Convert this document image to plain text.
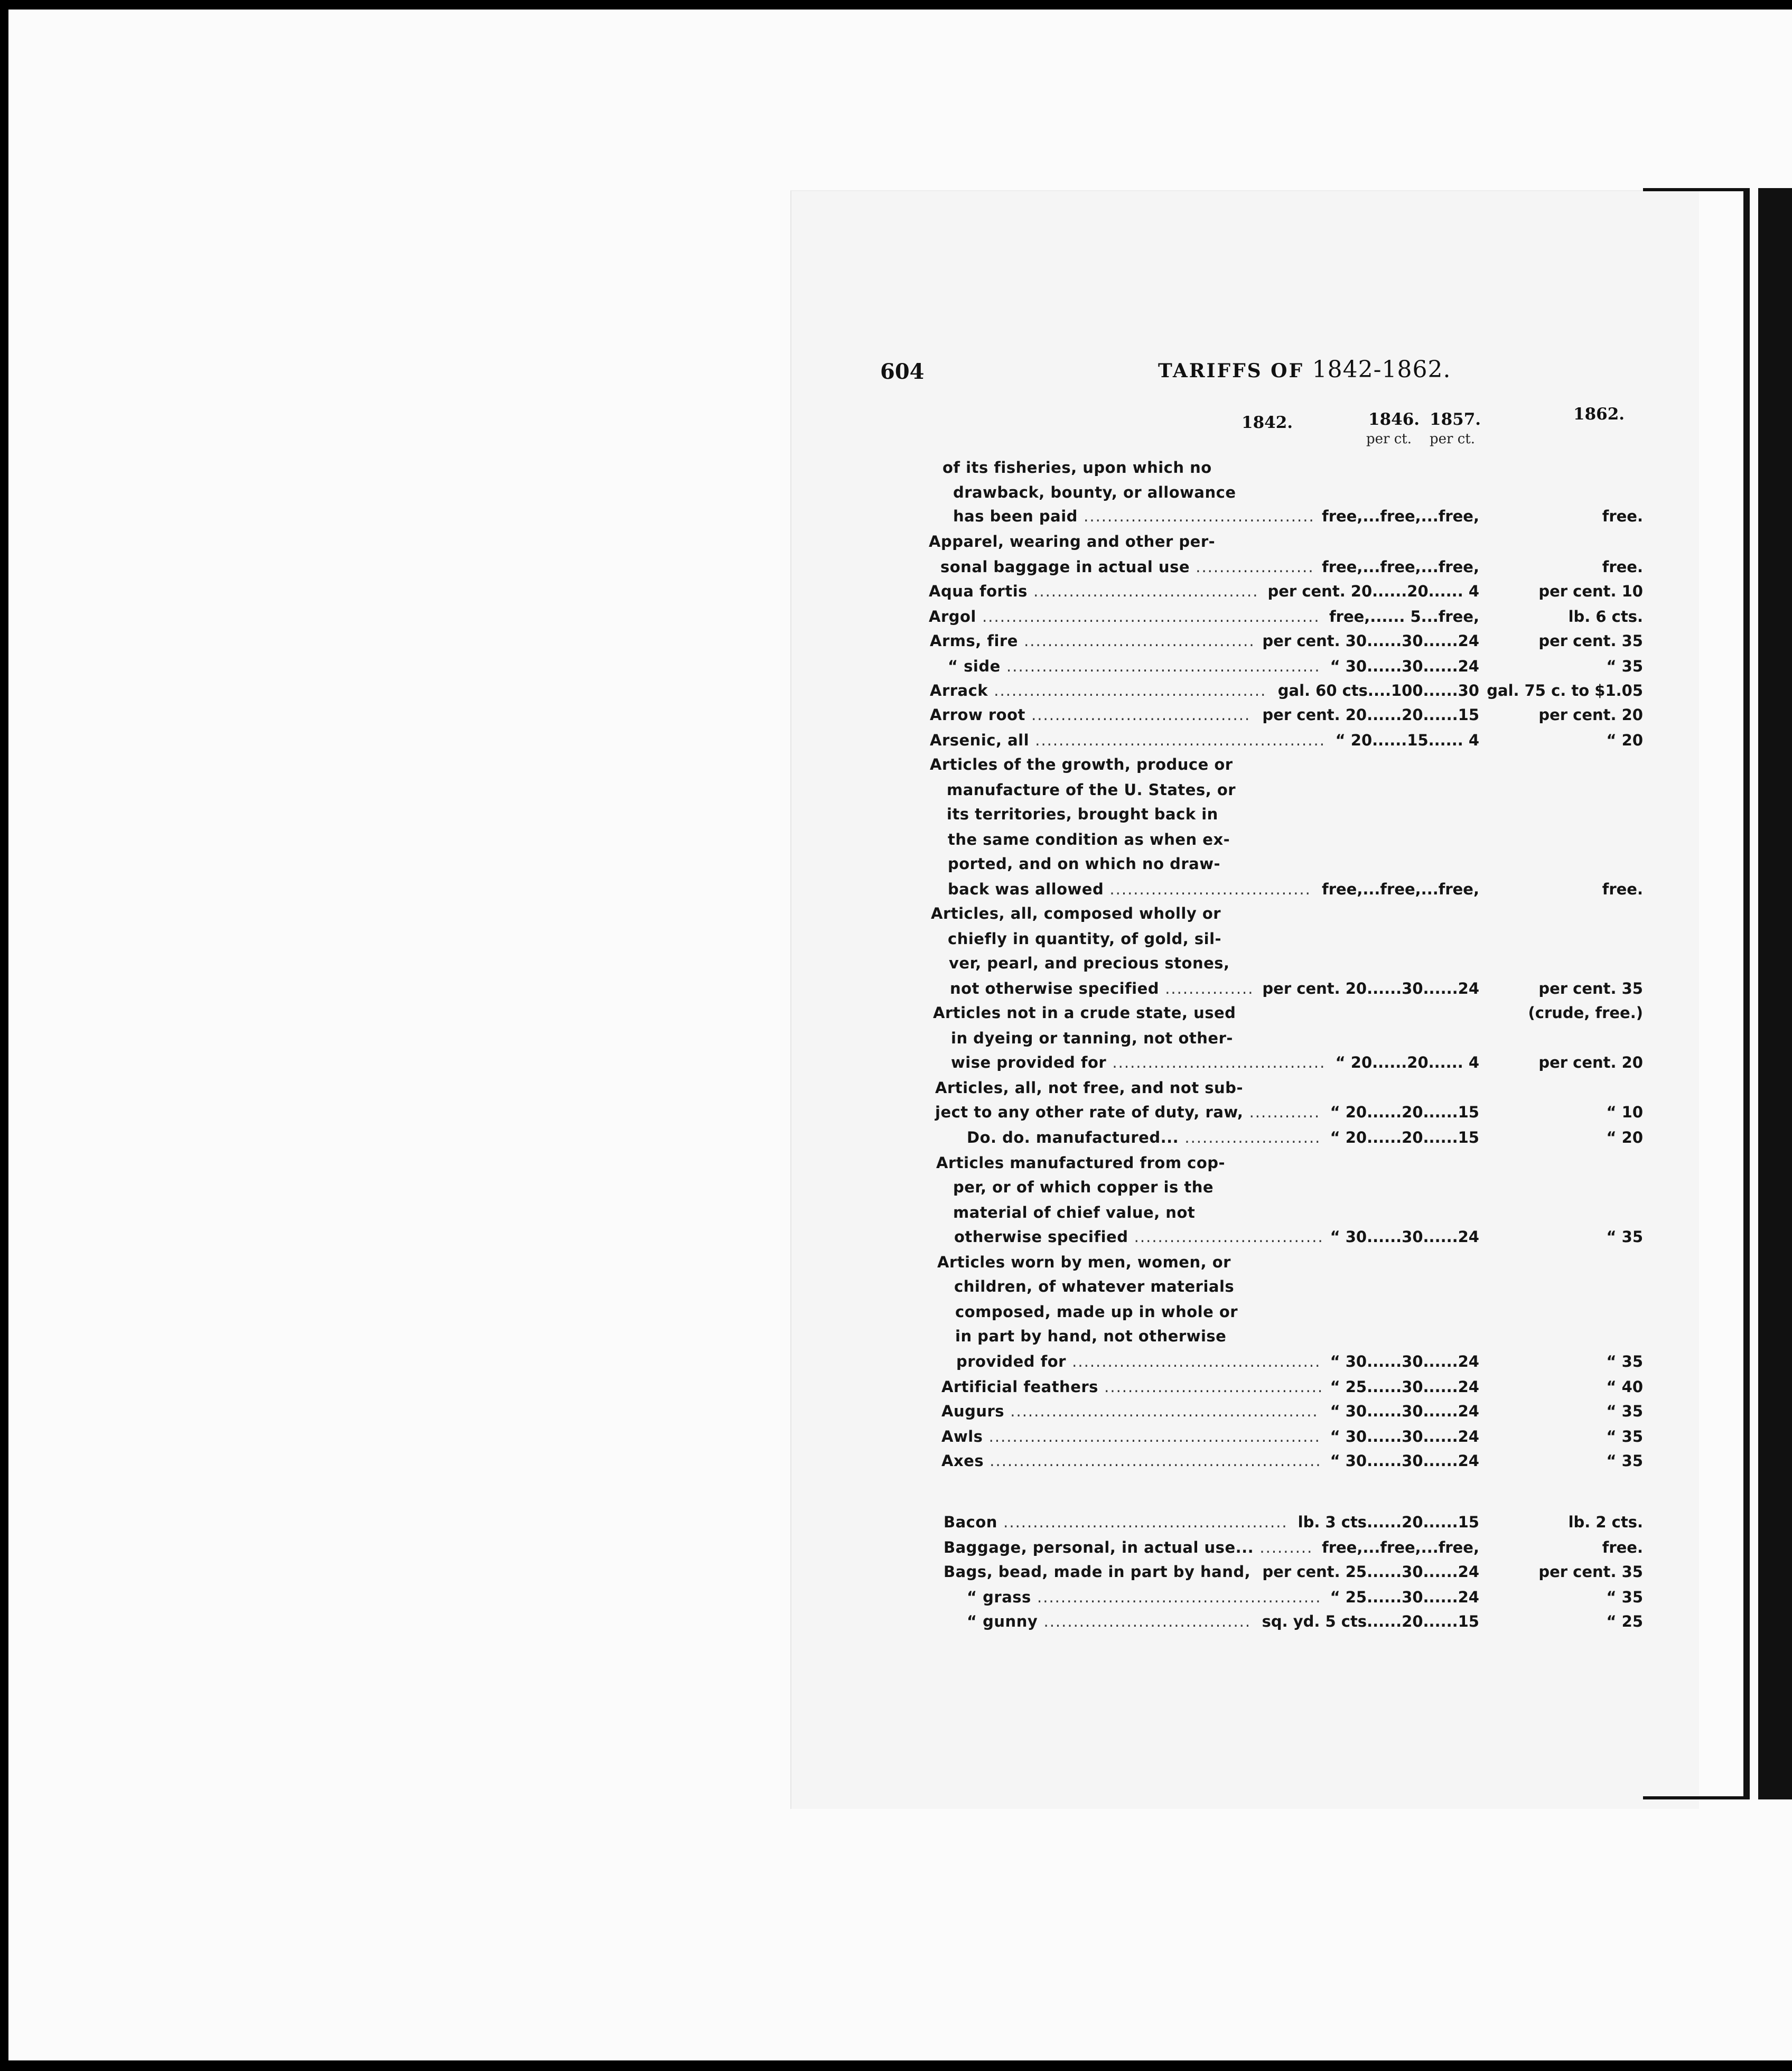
604	TARIFFS OF 1842-1862.
1842.	1846. 1857.	1862.
per ct. per ct.
of its fisheries, upon which no
drawback, bounty, or allowance
has been paid ....................................... free,...free,...free,	free.
Apparel, wearing and other per-
sonal baggage in actual use .................... free,...free,...free,	free.
Aqua fortis ...................................... per cent. 20......20...... 4	per cent. 10
Argol ......................................................... free,...... 5...free,	lb. 6 cts.
Arms, fire ....................................... per cent. 30......30......24	per cent. 35
“ side ..................................................... “ 30......30......24	“ 35
Arrack .............................................. gal. 60 cts....100......30 gal. 75 c. to $1.05
Arrow root ..................................... per cent. 20......20......15	per cent. 20
Arsenic, all ................................................. “ 20......15...... 4	“ 20
Articles of the growth, produce or
manufacture of the U. States, or
its territories, brought back in
the same condition as when ex-
ported, and on which no draw-
back was allowed .................................. free,...free,...free,	free.
Articles, all, composed wholly or
chiefly in quantity, of gold, sil-
ver, pearl, and precious stones,
not otherwise specified ............... per cent. 20......30......24	per cent. 35
Articles not in a crude state, used	(crude, free.)
in dyeing or tanning, not other-
wise provided for .................................... “ 20......20...... 4	per cent. 20
Articles, all, not free, and not sub-
ject to any other rate of duty, raw, ............ “ 20......20......15	“ 10
Do. do. manufactured... ....................... “ 20......20......15	“ 20
Articles manufactured from cop-
per, or of which copper is the
material of chief value, not
otherwise specified ................................ “ 30......30......24	“ 35
Articles worn by men, women, or
children, of whatever materials
composed, made up in whole or
in part by hand, not otherwise
provided for .......................................... “ 30......30......24	“ 35
Artificial feathers ..................................... “ 25......30......24	“ 40
Augurs .................................................... “ 30......30......24	“ 35
Awls ........................................................ “ 30......30......24	“ 35
Axes ........................................................ “ 30......30......24	“ 35
Bacon ................................................ lb. 3 cts......20......15	lb. 2 cts.
Baggage, personal, in actual use... ......... free,...free,...free,	free.
Bags, bead, made in part by hand, per cent. 25......30......24	per cent. 35
“ grass ................................................ “ 25......30......24	“ 35
“ gunny ................................... sq. yd. 5 cts......20......15	“ 25
